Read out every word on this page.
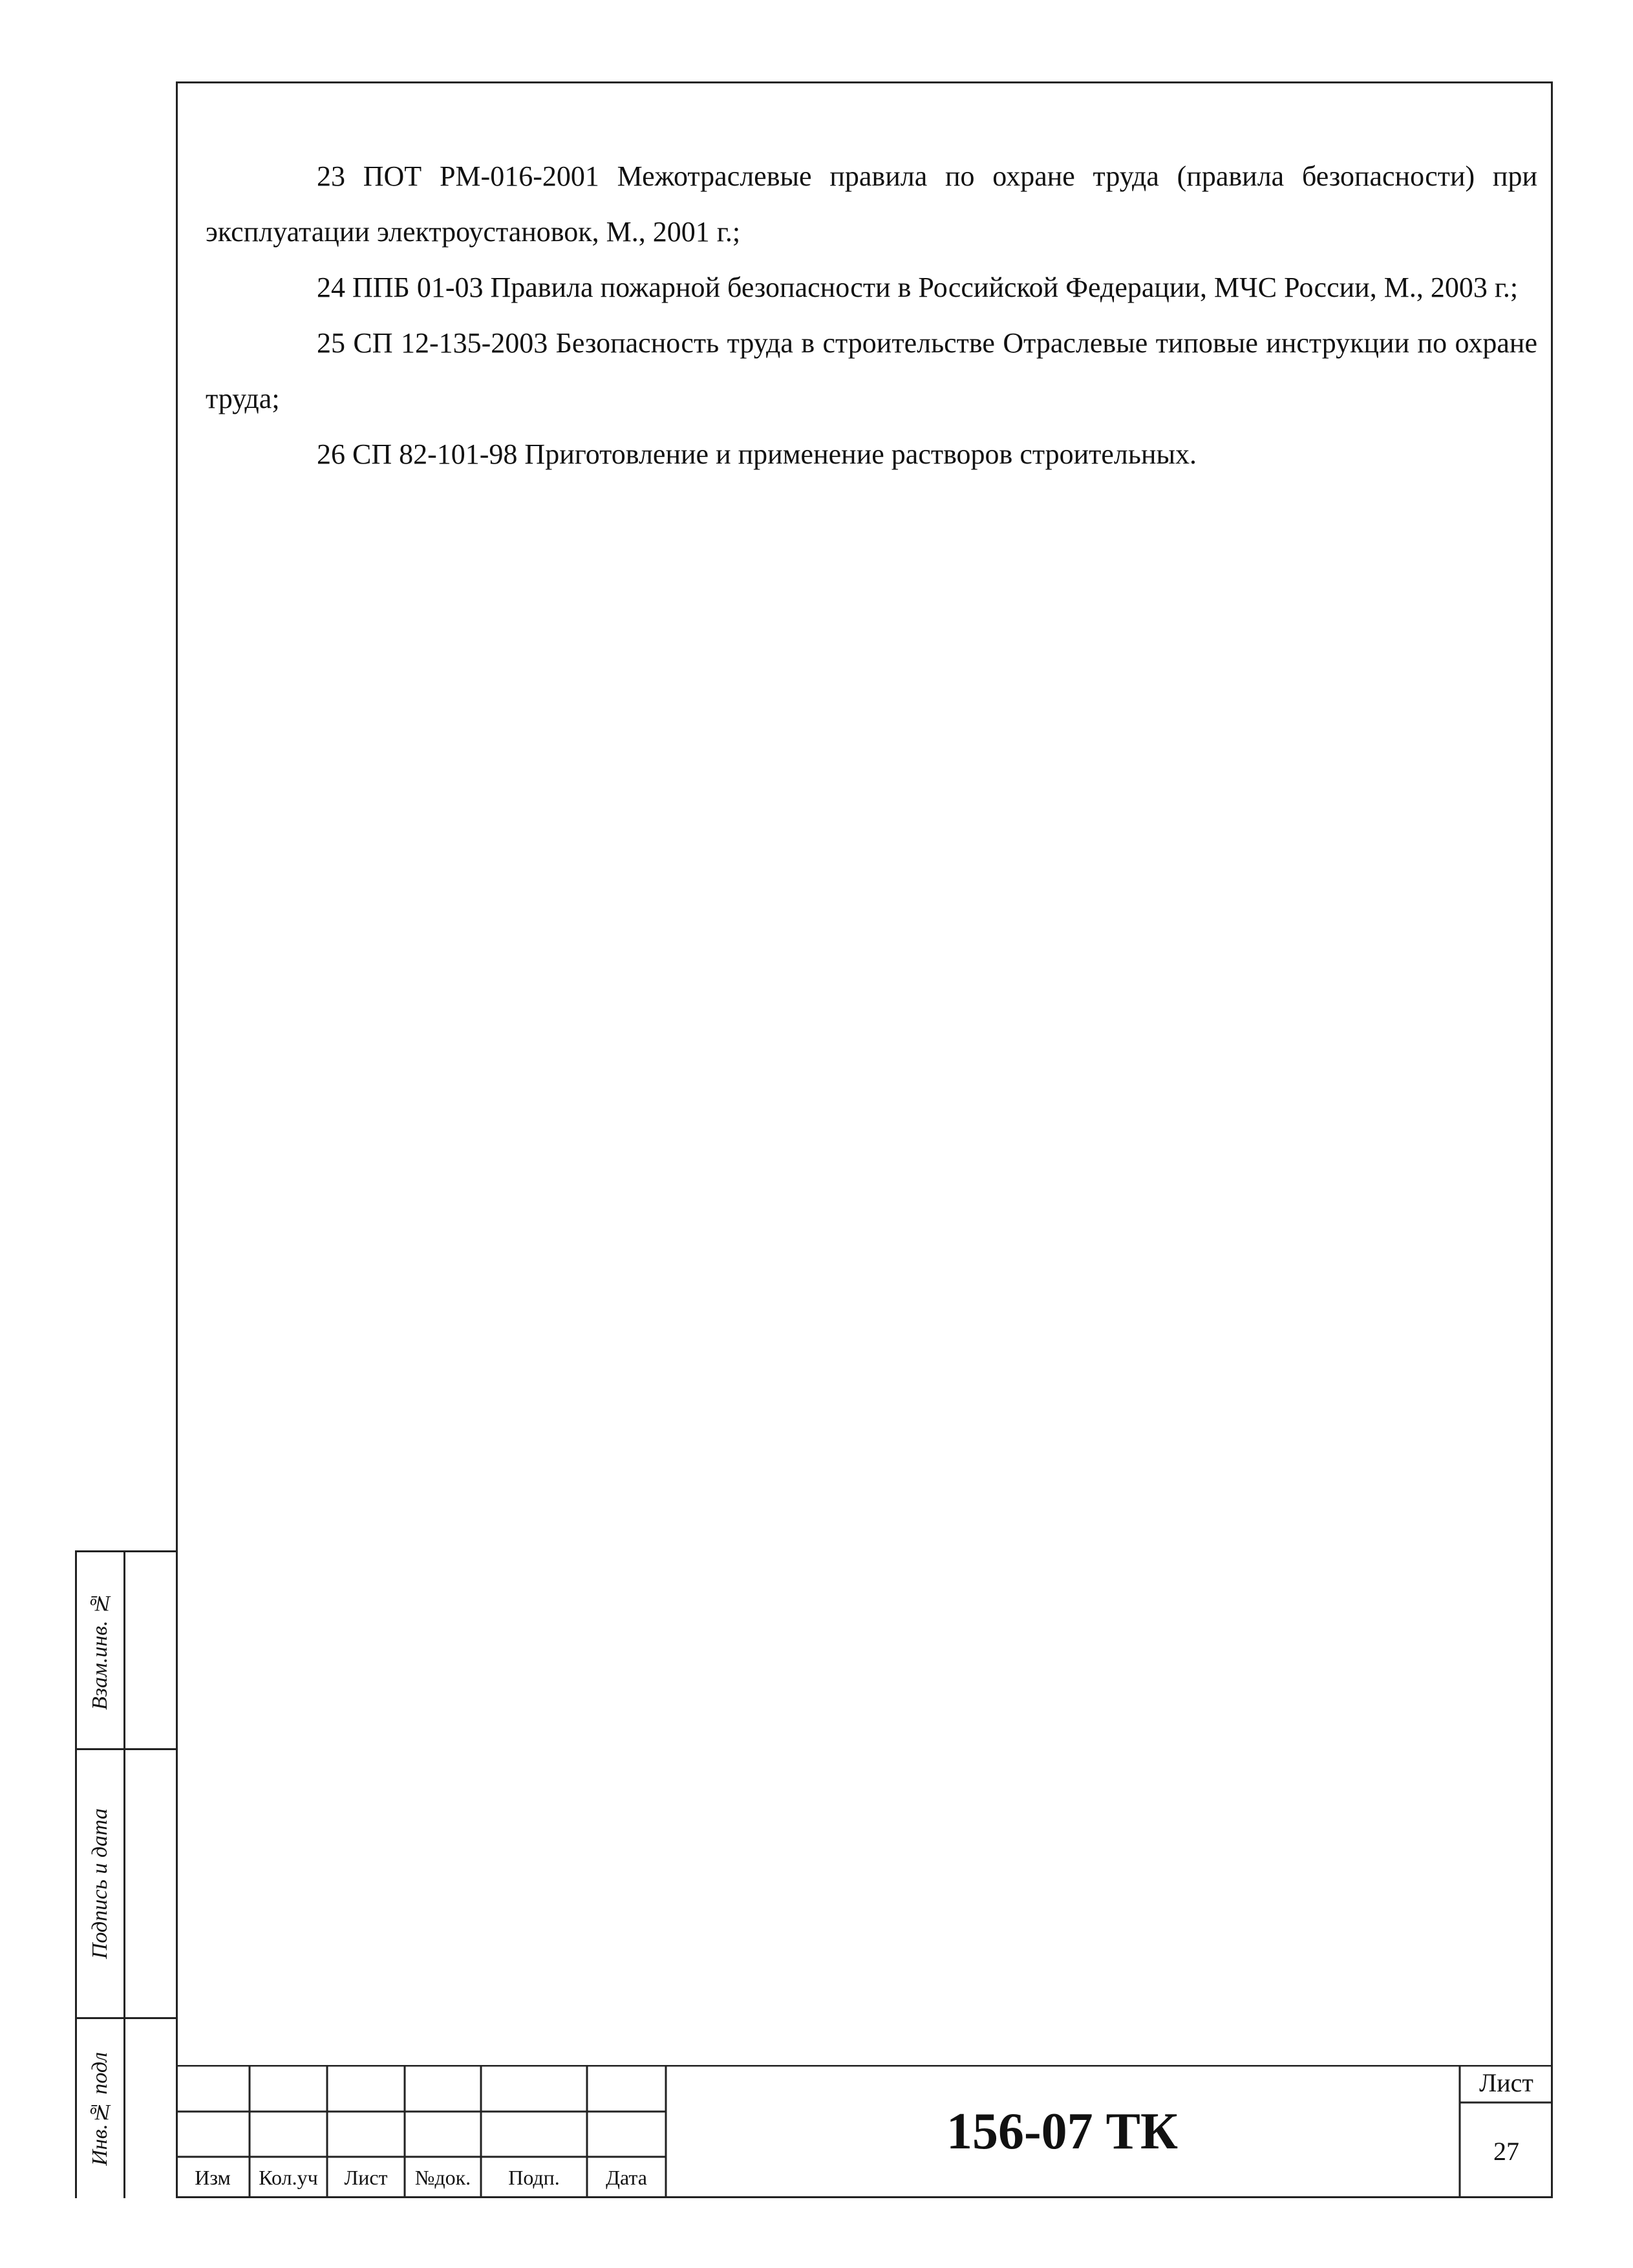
23 ПОТ РМ-016-2001 Межотраслевые правила по охране труда (правила безопасности) при эксплуатации электроустановок, М., 2001 г.;

24 ППБ 01-03 Правила пожарной безопасности в Российской Федерации, МЧС России, М., 2003 г.;

25 СП 12-135-2003 Безопасность труда в строительстве Отраслевые типовые инструкции по охране труда;

26 СП 82-101-98 Приготовление и применение растворов строительных.

Взам.инв. №
Подпись и дата
Инв.№ подл
Изм	Кол.уч	Лист	№док.	Подп.	Дата
156-07 ТК
Лист
27
